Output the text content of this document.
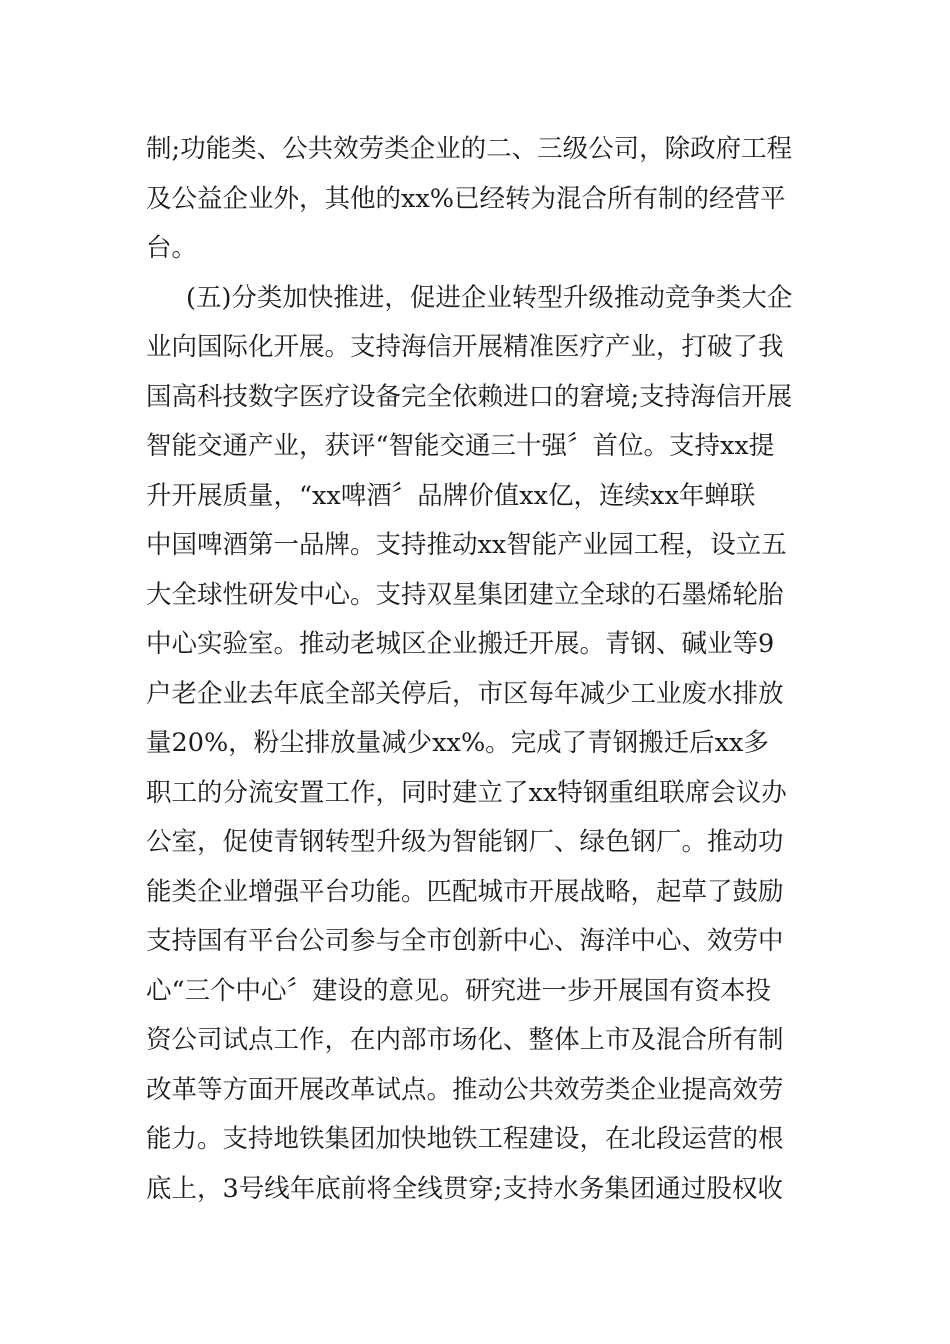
制;功能类、公共效劳类企业的二、三级公司，除政府工程
及公益企业外，其他的xx%已经转为混合所有制的经营平
台。
(五)分类加快推进，促进企业转型升级推动竞争类大企
业向国际化开展。支持海信开展精准医疗产业，打破了我
国高科技数字医疗设备完全依赖进口的窘境;支持海信开展
智能交通产业，获评“智能交通三十强〞首位。支持xx提
升开展质量，“xx啤酒〞品牌价值xx亿，连续xx年蝉联
中国啤酒第一品牌。支持推动xx智能产业园工程，设立五
大全球性研发中心。支持双星集团建立全球的石墨烯轮胎
中心实验室。推动老城区企业搬迁开展。青钢、碱业等9
户老企业去年底全部关停后，市区每年减少工业废水排放
量20%，粉尘排放量减少xx%。完成了青钢搬迁后xx多
职工的分流安置工作，同时建立了xx特钢重组联席会议办
公室，促使青钢转型升级为智能钢厂、绿色钢厂。推动功
能类企业增强平台功能。匹配城市开展战略，起草了鼓励
支持国有平台公司参与全市创新中心、海洋中心、效劳中
心“三个中心〞建设的意见。研究进一步开展国有资本投
资公司试点工作，在内部市场化、整体上市及混合所有制
改革等方面开展改革试点。推动公共效劳类企业提高效劳
能力。支持地铁集团加快地铁工程建设，在北段运营的根
底上，3号线年底前将全线贯穿;支持水务集团通过股权收
